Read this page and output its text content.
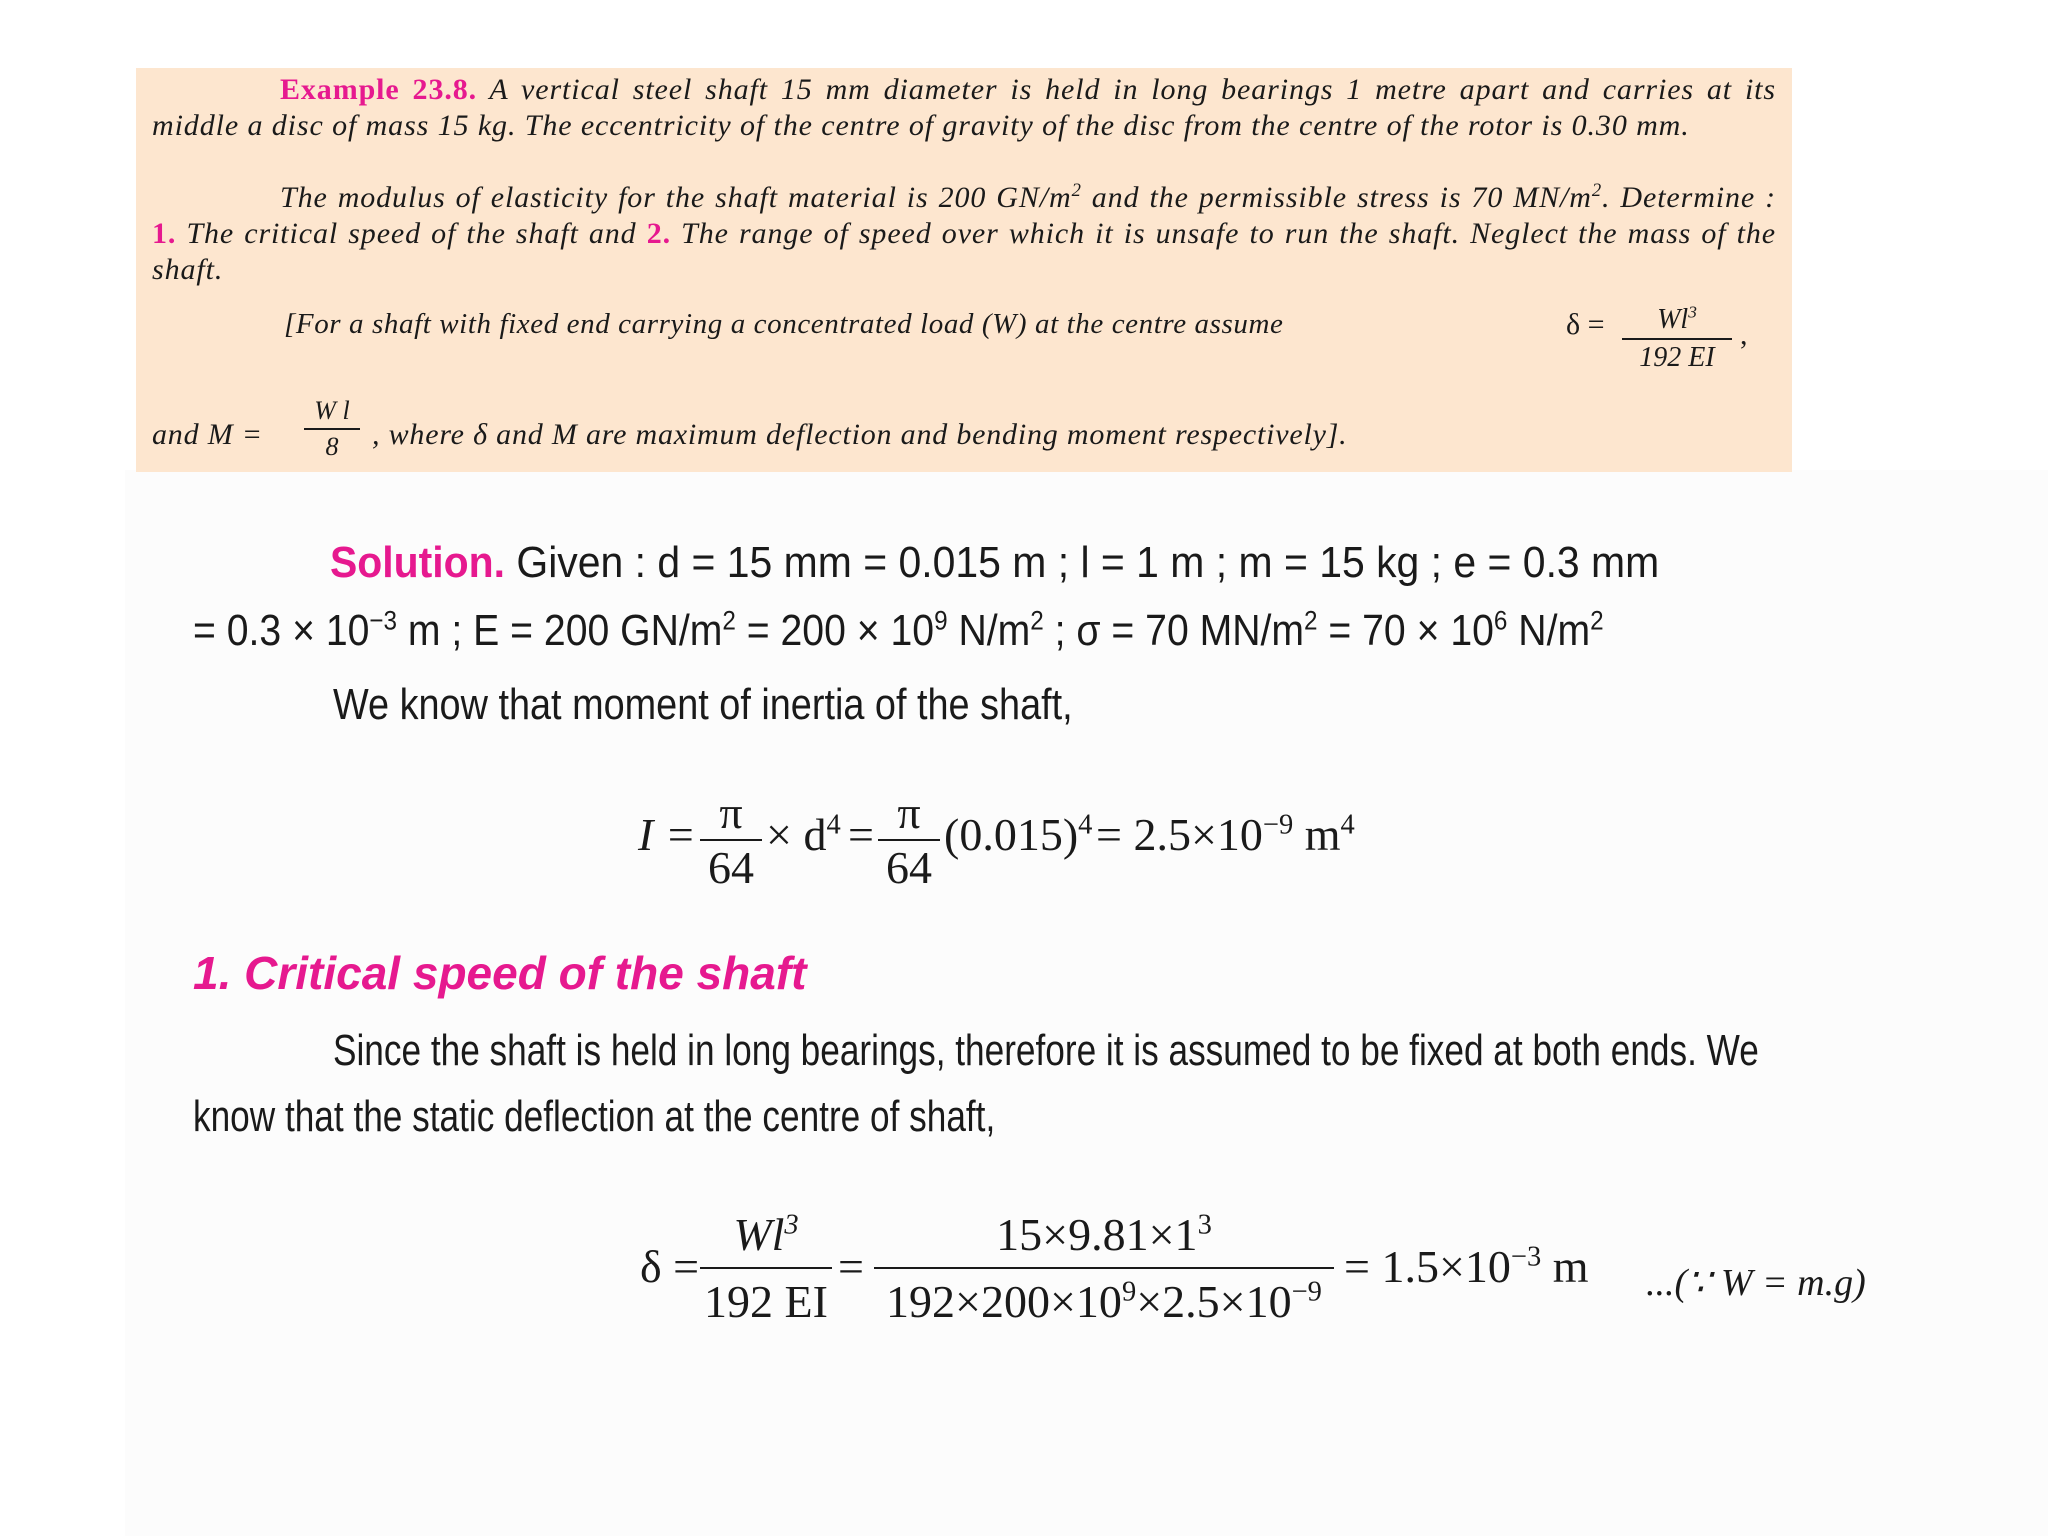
Example 23.8. A vertical steel shaft 15 mm diameter is held in long bearings 1 metre apart and carries at its middle a disc of mass 15 kg. The eccentricity of the centre of gravity of the disc from the centre of the rotor is 0.30 mm.
The modulus of elasticity for the shaft material is 200 $GN/m^2$ and the permissible stress is 70 $MN/m^2$. Determine : 1. The critical speed of the shaft and 2. The range of speed over which it is unsafe to run the shaft. Neglect the mass of the shaft.
[For a shaft with fixed end carrying a concentrated load (W) at the centre assume	δ =	$Wl^3$
192 EI
,
and M =
W l
8	, where δ and M are maximum deflection and bending moment respectively].
Solution. Given : d = 15 mm = 0.015 m ; l = 1 m ; m = 15 kg ; e = 0.3 mm
= $0.3 \times 10^{-3}$ m ; E = 200 $GN/m^2 = 200 \times 10^9$ $N/m^2$ ; σ = 70 $MN/m^2 = 70 \times 10^6$ $N/m^2$
We know that moment of inertia of the shaft,
I = π
64
× $d^4 = \pi$
64
$(0.015)^4 = 2.5\times 10^{-9}$ $m^4$
1. Critical speed of the shaft
Since the shaft is held in long bearings, therefore it is assumed to be fixed at both ends. We
know that the static deflection at the centre of shaft,
δ =
$Wl^3$
192 EI
=
$15\times 9.81\times 1^3$
$192\times 200\times 10^9\times 2.5\times 10^{-9}$
= $1.5\times 10^{-3}$ m ...(∵ W = m.g)
